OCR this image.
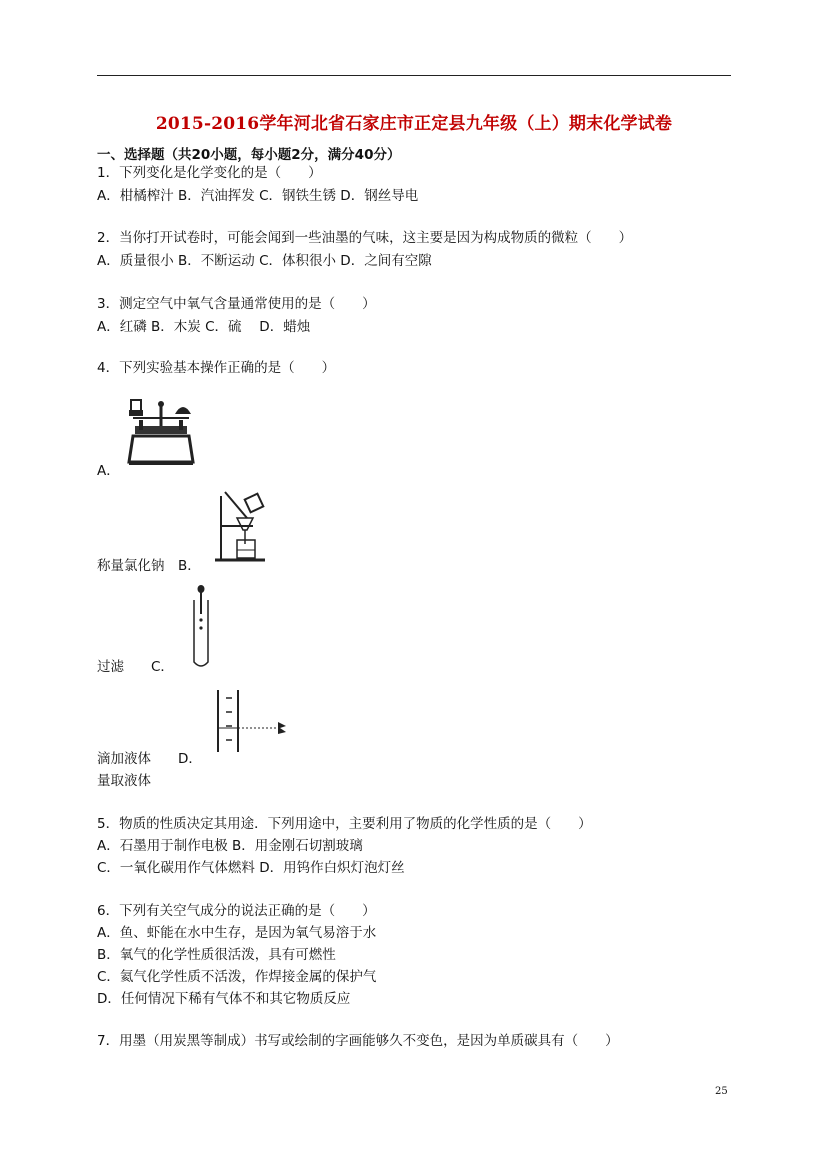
2015-2016学年河北省石家庄市正定县九年级（上）期末化学试卷
一、选择题（共20小题，每小题2分，满分40分）
1．下列变化是化学变化的是（　　）
A．柑橘榨汁 B．汽油挥发 C．钢铁生锈 D．钢丝导电
2．当你打开试卷时，可能会闻到一些油墨的气味，这主要是因为构成物质的微粒（　　）
A．质量很小 B．不断运动 C．体积很小 D．之间有空隙
3．测定空气中氧气含量通常使用的是（　　）
A．红磷 B．木炭 C．硫　 D．蜡烛
4．下列实验基本操作正确的是（　　）
A．
称量氯化钠　B．
过滤　　C．
滴加液体　　D．
量取液体
5．物质的性质决定其用途．下列用途中，主要利用了物质的化学性质的是（　　）
A．石墨用于制作电极 B．用金刚石切割玻璃
C．一氧化碳用作气体燃料 D．用钨作白炽灯泡灯丝
6．下列有关空气成分的说法正确的是（　　）
A．鱼、虾能在水中生存，是因为氧气易溶于水
B．氧气的化学性质很活泼，具有可燃性
C．氦气化学性质不活泼，作焊接金属的保护气
D．任何情况下稀有气体不和其它物质反应
7．用墨（用炭黑等制成）书写或绘制的字画能够久不变色，是因为单质碳具有（　　）
25
